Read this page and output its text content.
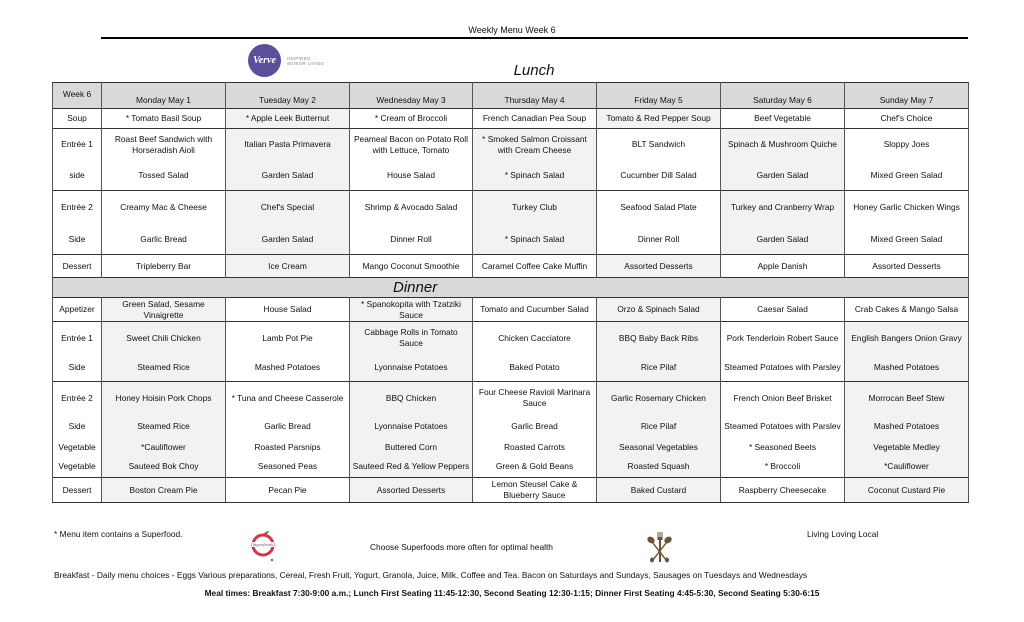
Weekly Menu Week 6
Verve	INSPIRED
SENIOR LIVING	Lunch
Week 6	Monday May 1	Tuesday May 2	Wednesday May 3	Thursday May 4	Friday May 5	Saturday May 6	Sunday May 7
Soup	* Tomato Basil Soup	* Apple Leek Butternut	* Cream of Broccoli	French Canadian Pea Soup	Tomato & Red Pepper Soup	Beef Vegetable	Chef's Choice
Entrée 1	Roast Beef Sandwich with Horseradish Aioli	Italian Pasta Primavera	Peameal Bacon on Potato Roll with Lettuce, Tomato	* Smoked Salmon Croissant with Cream Cheese	BLT Sandwich	Spinach & Mushroom Quiche	Sloppy Joes
side	Tossed Salad	Garden Salad	House Salad	* Spinach Salad	Cucumber Dill Salad	Garden Salad	Mixed Green Salad
Entrée 2	Creamy Mac & Cheese	Chef's Special	Shrimp & Avocado Salad	Turkey Club	Seafood Salad Plate	Turkey and Cranberry Wrap	Honey Garlic Chicken Wings
Side	Garlic Bread	Garden Salad	Dinner Roll	* Spinach Salad	Dinner Roll	Garden Salad	Mixed Green Salad
Dessert	Tripleberry Bar	Ice Cream	Mango Coconut Smoothie	Caramel Coffee Cake Muffin	Assorted Desserts	Apple Danish	Assorted Desserts
Dinner							
Appetizer	Green Salad, Sesame Vinaigrette	House Salad	* Spanokopita with Tzatziki Sauce	Tomato and Cucumber Salad	Orzo & Spinach Salad	Caesar Salad	Crab Cakes & Mango Salsa
Entrée 1	Sweet Chili Chicken	Lamb Pot Pie	Cabbage Rolls in Tomato Sauce	Chicken Cacciatore	BBQ Baby Back Ribs	Pork Tenderloin Robert Sauce	English Bangers Onion Gravy
Side	Steamed Rice	Mashed Potatoes	Lyonnaise Potatoes	Baked Potato	Rice Pilaf	Steamed Potatoes with Parsley	Mashed Potatoes
Entrée 2	Honey Hoisin Pork Chops	* Tuna and Cheese Casserole	BBQ Chicken	Four Cheese Ravioli Marinara Sauce	Garlic Rosemary Chicken	French Onion Beef Brisket	Morrocan Beef Stew
Side	Steamed Rice	Garlic Bread	Lyonnaise Potatoes	Garlic Bread	Rice Pilaf	Steamed Potatoes with Parslev	Mashed Potatoes
Vegetable	*Cauliflower	Roasted Parsnips	Buttered Corn	Roasted Carrots	Seasonal Vegetables	* Seasoned Beets	Vegetable Medley
Vegetable	Sauteed Bok Choy	Seasoned Peas	Sauteed Red & Yellow Peppers	Green & Gold Beans	Roasted Squash	* Broccoli	*Cauliflower
Dessert	Boston Cream Pie	Pecan Pie	Assorted Desserts	Lemon Steusel Cake & Blueberry Sauce	Baked Custard	Raspberry Cheesecake	Coconut Custard Pie
* Menu item contains a Superfood.
Superfoods	Choose Superfoods more often for optimal health
Living Loving Local
Breakfast - Daily menu choices - Eggs Various preparations, Cereal, Fresh Fruit, Yogurt, Granola, Juice, Milk, Coffee and Tea. Bacon on Saturdays and Sundays, Sausages on Tuesdays and Wednesdays
Meal times: Breakfast 7:30-9:00 a.m.; Lunch First Seating 11:45-12:30, Second Seating 12:30-1:15; Dinner First Seating 4:45-5:30, Second Seating 5:30-6:15
